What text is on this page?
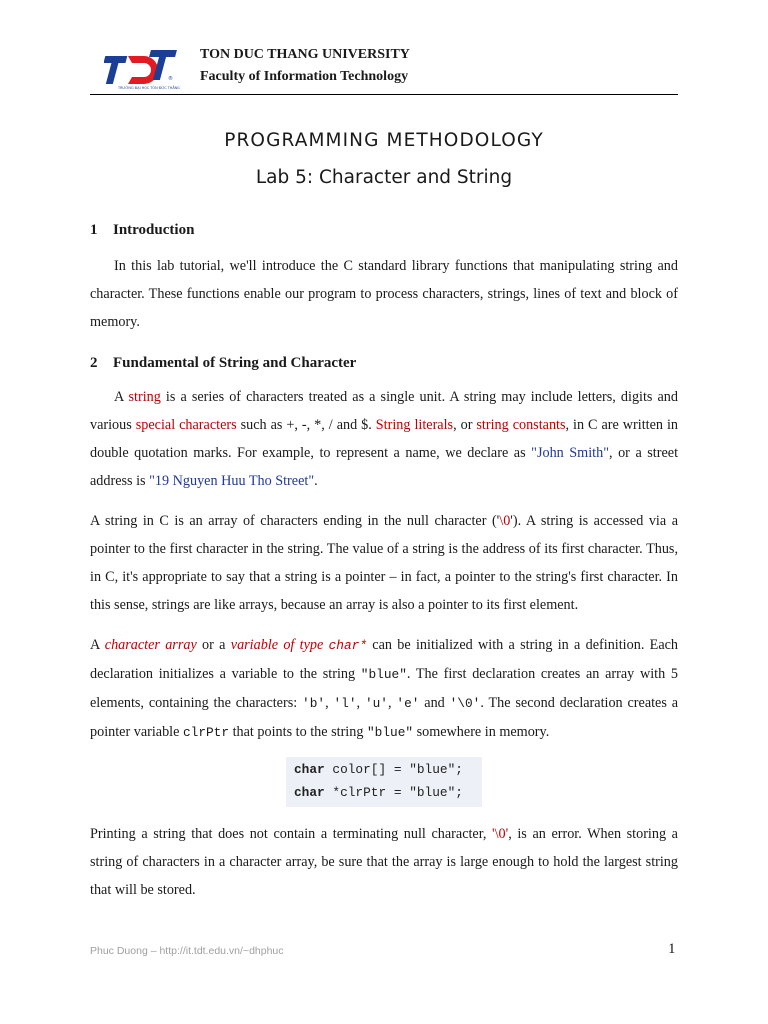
TRƯỜNG ĐẠI HỌC TÔN ĐỨC THẮNG
®
TON DUC THANG UNIVERSITY
Faculty of Information Technology
PROGRAMMING METHODOLOGY
Lab 5: Character and String
1 Introduction

In this lab tutorial, we'll introduce the C standard library functions that manipulating string and character. These functions enable our program to process characters, strings, lines of text and block of memory.

2 Fundamental of String and Character

A string is a series of characters treated as a single unit. A string may include letters, digits and various special characters such as +, -, *, / and $. String literals, or string constants, in C are written in double quotation marks. For example, to represent a name, we declare as "John Smith", or a street address is "19 Nguyen Huu Tho Street".

A string in C is an array of characters ending in the null character ('\0'). A string is accessed via a pointer to the first character in the string. The value of a string is the address of its first character. Thus, in C, it's appropriate to say that a string is a pointer – in fact, a pointer to the string's first character. In this sense, strings are like arrays, because an array is also a pointer to its first element.

A character array or a variable of type char* can be initialized with a string in a definition. Each declaration initializes a variable to the string "blue". The first declaration creates an array with 5 elements, containing the characters: 'b', 'l', 'u', 'e' and '\0'. The second declaration creates a pointer variable clrPtr that points to the string "blue" somewhere in memory.

char color[] = "blue";
char *clrPtr = "blue";

Printing a string that does not contain a terminating null character, '\0', is an error. When storing a string of characters in a character array, be sure that the array is large enough to hold the largest string that will be stored.

Phuc Duong – http://it.tdt.edu.vn/~dhphuc	1
